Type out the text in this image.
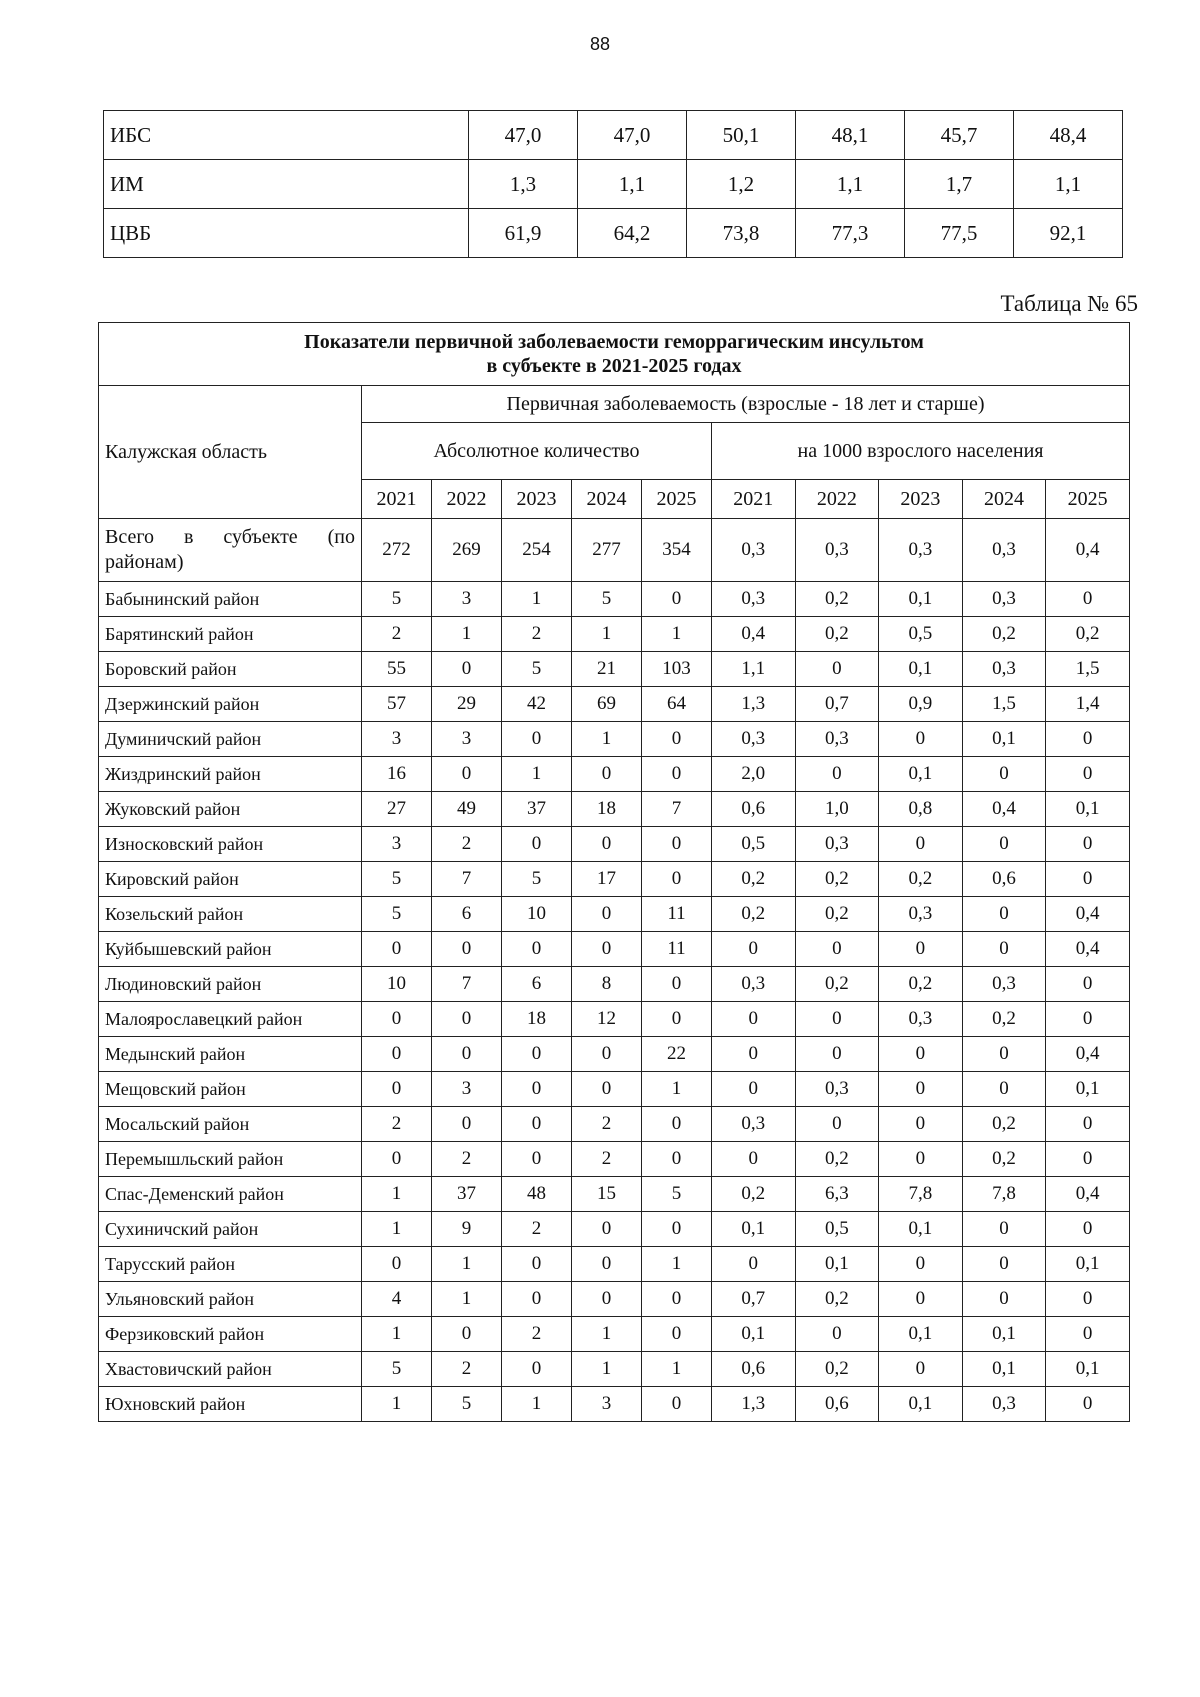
88
ИБС	47,0	47,0	50,1	48,1	45,7	48,4
ИМ	1,3	1,1	1,2	1,1	1,7	1,1
ЦВБ	61,9	64,2	73,8	77,3	77,5	92,1
Таблица № 65
Показатели первичной заболеваемости геморрагическим инсультом
в субъекте в 2021-2025 годах										

Калужская область	Первичная заболеваемость (взрослые - 18 лет и старше)									
	Абсолютное количество					на 1000 взрослого населения				
	2021	2022	2023	2024	2025	2021	2022	2023	2024	2025
Всего в субъекте (по районам)	272	269	254	277	354	0,3	0,3	0,3	0,3	0,4
Бабынинский район	5	3	1	5	0	0,3	0,2	0,1	0,3	0
Барятинский район	2	1	2	1	1	0,4	0,2	0,5	0,2	0,2
Боровский район	55	0	5	21	103	1,1	0	0,1	0,3	1,5
Дзержинский район	57	29	42	69	64	1,3	0,7	0,9	1,5	1,4
Думиничский район	3	3	0	1	0	0,3	0,3	0	0,1	0
Жиздринский район	16	0	1	0	0	2,0	0	0,1	0	0
Жуковский район	27	49	37	18	7	0,6	1,0	0,8	0,4	0,1
Износковский район	3	2	0	0	0	0,5	0,3	0	0	0
Кировский район	5	7	5	17	0	0,2	0,2	0,2	0,6	0
Козельский район	5	6	10	0	11	0,2	0,2	0,3	0	0,4
Куйбышевский район	0	0	0	0	11	0	0	0	0	0,4
Людиновский район	10	7	6	8	0	0,3	0,2	0,2	0,3	0
Малоярославецкий район	0	0	18	12	0	0	0	0,3	0,2	0
Медынский район	0	0	0	0	22	0	0	0	0	0,4
Мещовский район	0	3	0	0	1	0	0,3	0	0	0,1
Мосальский район	2	0	0	2	0	0,3	0	0	0,2	0
Перемышльский район	0	2	0	2	0	0	0,2	0	0,2	0
Спас-Деменский район	1	37	48	15	5	0,2	6,3	7,8	7,8	0,4
Сухиничский район	1	9	2	0	0	0,1	0,5	0,1	0	0
Тарусский район	0	1	0	0	1	0	0,1	0	0	0,1
Ульяновский район	4	1	0	0	0	0,7	0,2	0	0	0
Ферзиковский район	1	0	2	1	0	0,1	0	0,1	0,1	0
Хвастовичский район	5	2	0	1	1	0,6	0,2	0	0,1	0,1
Юхновский район	1	5	1	3	0	1,3	0,6	0,1	0,3	0
